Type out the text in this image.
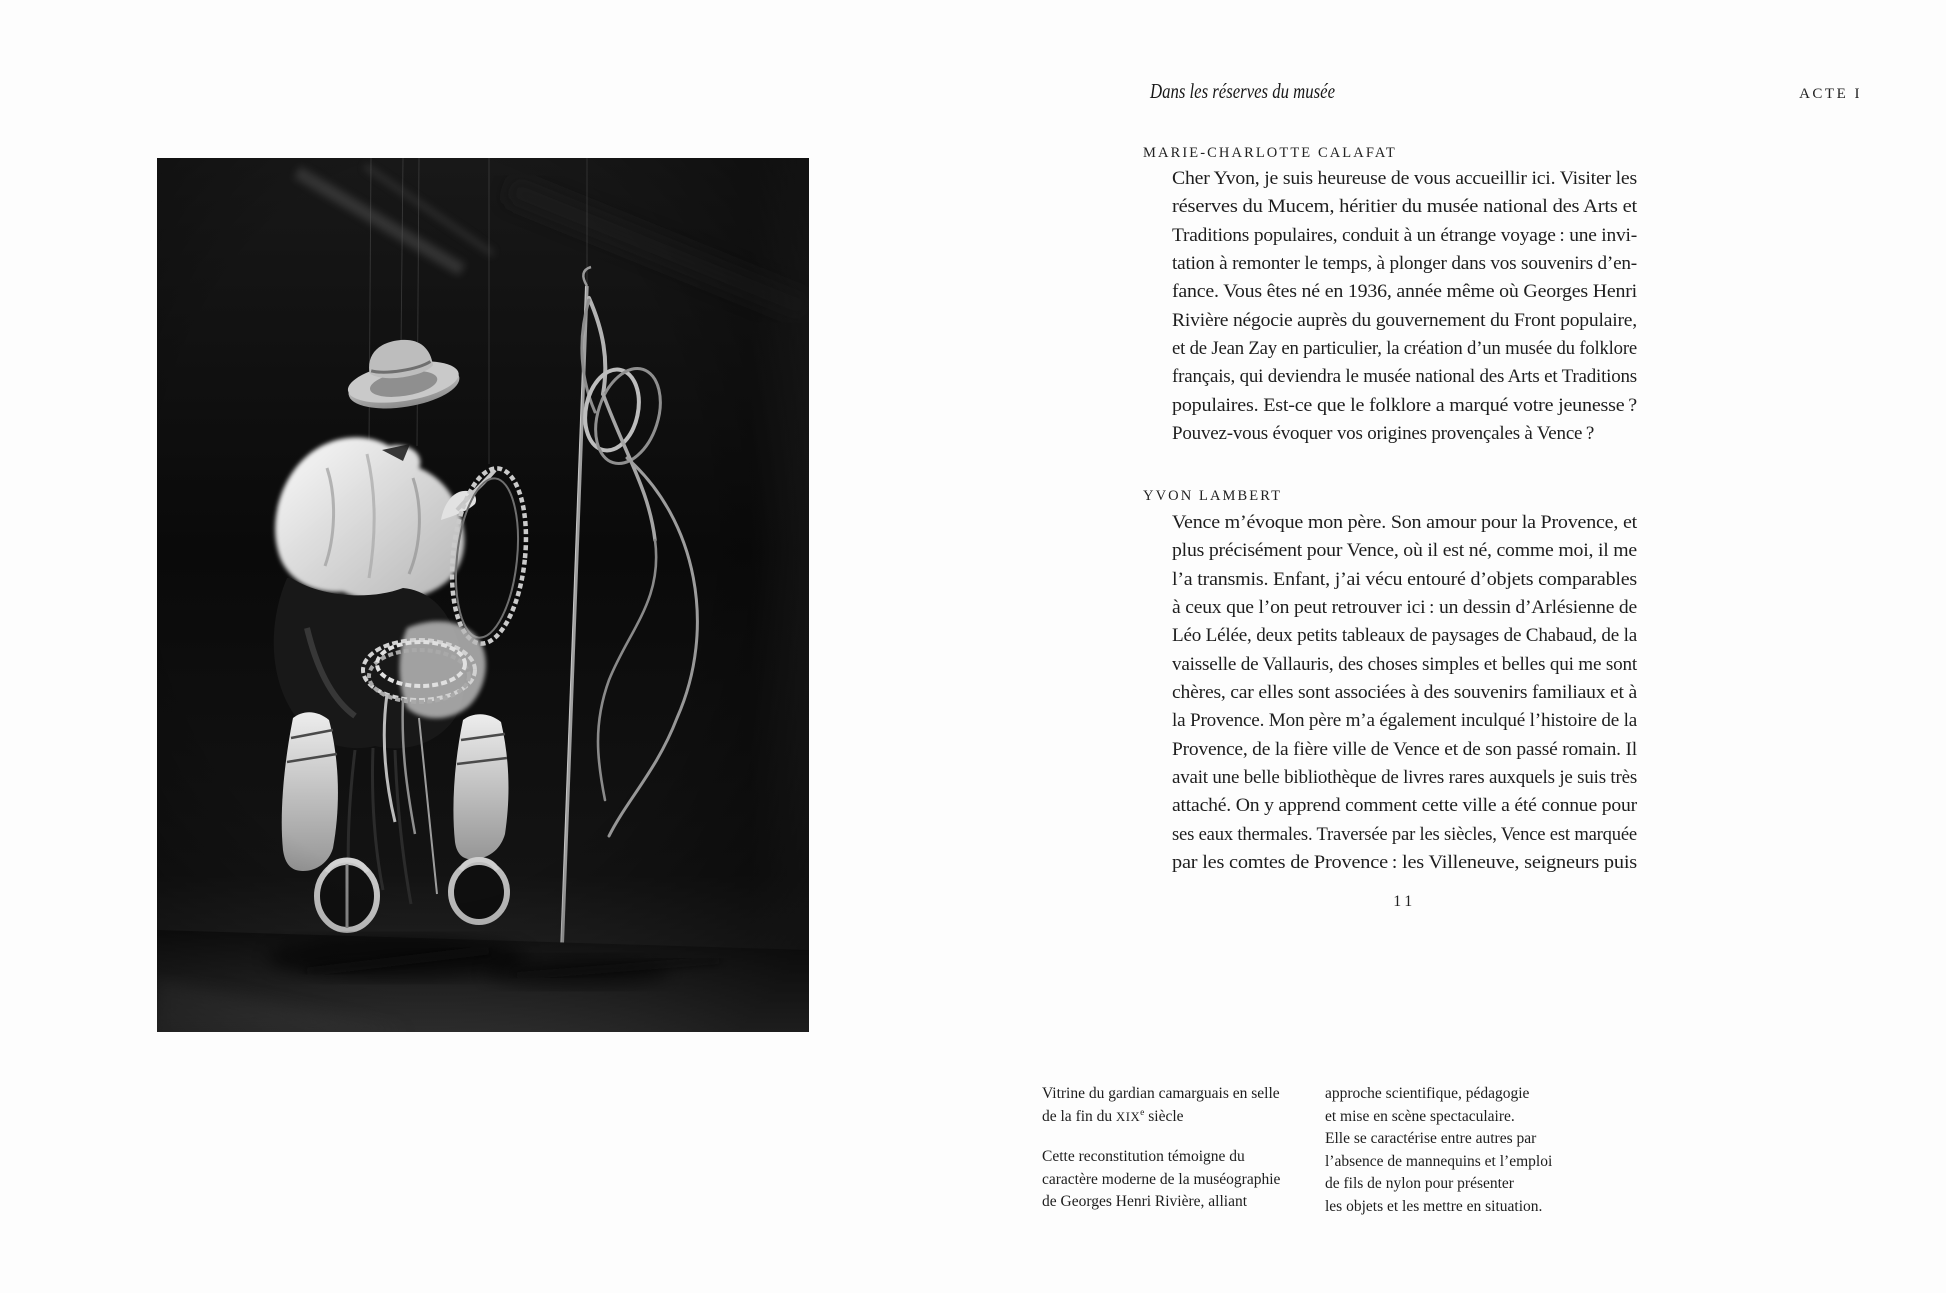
Dans les réserves du musée	ACTE I
MARIE-CHARLOTTE CALAFAT
Cher Yvon, je suis heureuse de vous accueillir ici. Visiter les
réserves du Mucem, héritier du musée national des Arts et
Traditions populaires, conduit à un étrange voyage : une invi-
tation à remonter le temps, à plonger dans vos souvenirs d’en-
fance. Vous êtes né en 1936, année même où Georges Henri
Rivière négocie auprès du gouvernement du Front populaire,
et de Jean Zay en particulier, la création d’un musée du folklore
français, qui deviendra le musée national des Arts et Traditions
populaires. Est-ce que le folklore a marqué votre jeunesse ?
Pouvez-vous évoquer vos origines provençales à Vence ?
YVON LAMBERT
Vence m’évoque mon père. Son amour pour la Provence, et
plus précisément pour Vence, où il est né, comme moi, il me
l’a transmis. Enfant, j’ai vécu entouré d’objets comparables
à ceux que l’on peut retrouver ici : un dessin d’Arlésienne de
Léo Lélée, deux petits tableaux de paysages de Chabaud, de la
vaisselle de Vallauris, des choses simples et belles qui me sont
chères, car elles sont associées à des souvenirs familiaux et à
la Provence. Mon père m’a également inculqué l’histoire de la
Provence, de la fière ville de Vence et de son passé romain. Il
avait une belle bibliothèque de livres rares auxquels je suis très
attaché. On y apprend comment cette ville a été connue pour
ses eaux thermales. Traversée par les siècles, Vence est marquée
par les comtes de Provence : les Villeneuve, seigneurs puis
11
Vitrine du gardian camarguais en selle
de la fin du XIXe siècle
Cette reconstitution témoigne du
caractère moderne de la muséographie
de Georges Henri Rivière, alliant
approche scientifique, pédagogie
et mise en scène spectaculaire.
Elle se caractérise entre autres par
l’absence de mannequins et l’emploi
de fils de nylon pour présenter
les objets et les mettre en situation.
